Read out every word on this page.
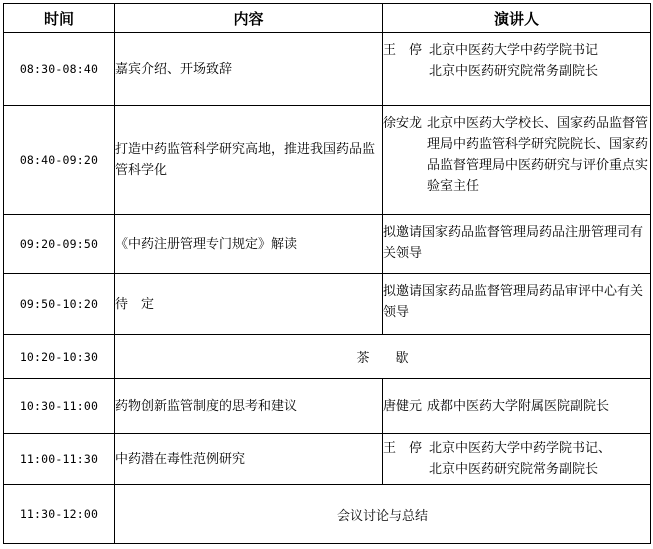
时间	内容	演讲人
08:30-08:40	嘉宾介绍、开场致辞	王　停 北京中医药大学中药学院书记
北京中医药研究院常务副院长

08:40-09:20	打造中药监管科学研究高地，推进我国药品监管科学化	徐安龙 北京中医药大学校长、国家药品监督管理局中药监管科学研究院院长、国家药品监督管理局中医药研究与评价重点实验室主任

09:20-09:50	《中药注册管理专门规定》解读	拟邀请国家药品监督管理局药品注册管理司有关领导
09:50-10:20	待　定	拟邀请国家药品监督管理局药品审评中心有关领导
10:20-10:30	茶　　歇	
10:30-11:00	药物创新监管制度的思考和建议	唐健元 成都中医药大学附属医院副院长

11:00-11:30	中药潜在毒性范例研究	王　停 北京中医药大学中药学院书记、
北京中医药研究院常务副院长

11:30-12:00	会议讨论与总结	
